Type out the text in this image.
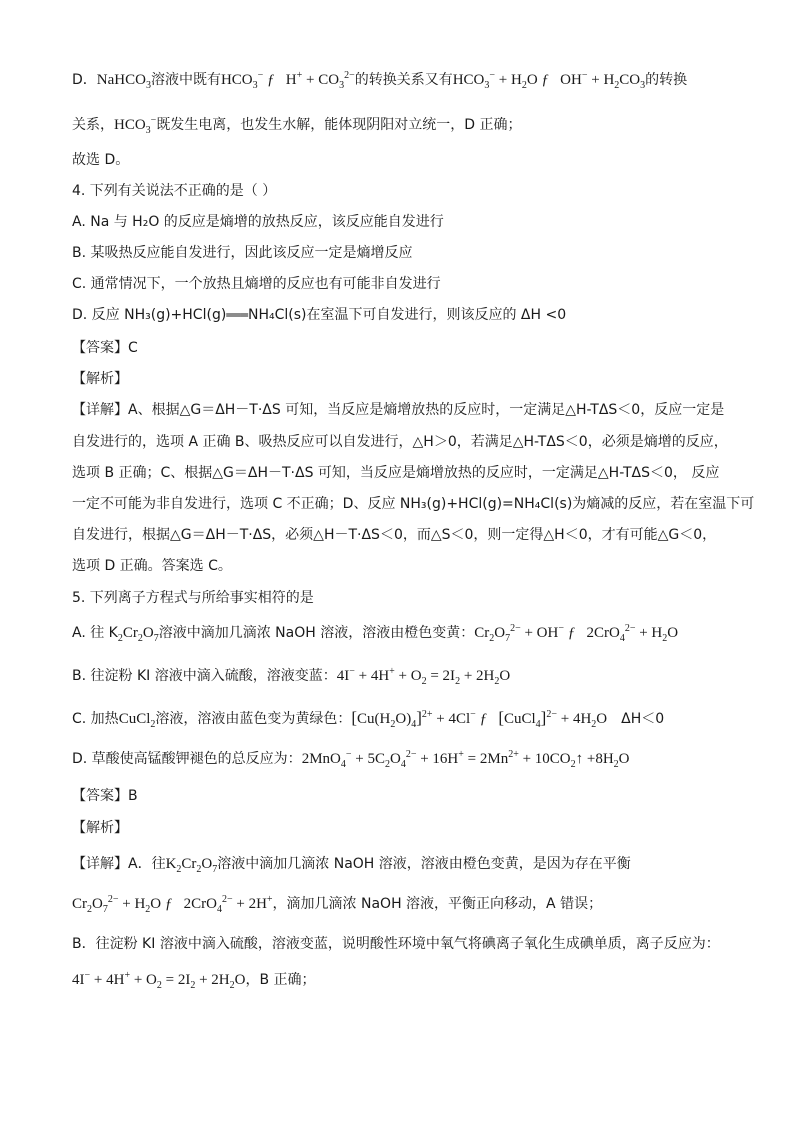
D．NaHCO$_3$溶液中既有$HCO_3^-$ ƒ $H^+ + CO_3^{2-}$的转换关系又有$HCO_3^- + H_2O$ ƒ $OH^- + H_2CO_3$的转换
关系，$HCO_3^-$既发生电离，也发生水解，能体现阴阳对立统一，D 正确；
故选 D。
4. 下列有关说法不正确的是（ ）
A. Na 与 H₂O 的反应是熵增的放热反应，该反应能自发进行
B. 某吸热反应能自发进行，因此该反应一定是熵增反应
C. 通常情况下，一个放热且熵增的反应也有可能非自发进行
D. 反应 NH₃(g)+HCl(g)═══NH₄Cl(s)在室温下可自发进行，则该反应的 ΔH <0
【答案】C
【解析】
【详解】A、根据△G＝ΔH－T·ΔS 可知，当反应是熵增放热的反应时，一定满足△H-TΔS＜0，反应一定是
自发进行的，选项 A 正确 B、吸热反应可以自发进行，△H＞0，若满足△H-TΔS＜0，必须是熵增的反应，
选项 B 正确；C、根据△G＝ΔH－T·ΔS 可知，当反应是熵增放热的反应时，一定满足△H-TΔS＜0， 反应
一定不可能为非自发进行，选项 C 不正确；D、反应 NH₃(g)+HCl(g)=NH₄Cl(s)为熵减的反应，若在室温下可
自发进行，根据△G＝ΔH－T·ΔS，必须△H－T·ΔS＜0，而△S＜0，则一定得△H＜0，才有可能△G＜0，
选项 D 正确。答案选 C。
5. 下列离子方程式与所给事实相符的是
A. 往 $K_2Cr_2O_7$溶液中滴加几滴浓 NaOH 溶液，溶液由橙色变黄：$Cr_2O_7^{2-} + OH^-$ ƒ   $2CrO_4^{2-} + H_2O$
B. 往淀粉 KI 溶液中滴入硫酸，溶液变蓝：$4I^- + 4H^+ + O_2 = 2I_2 + 2H_2O$
C. 加热CuCl$_2$溶液，溶液由蓝色变为黄绿色：$[Cu(H_2O)_4]^{2+} + 4Cl^-$ ƒ [CuCl$_4$]$^{2-}$ + $4H_2O$ ΔH＜0
D. 草酸使高锰酸钾褪色的总反应为：$2MnO_4^- + 5C_2O_4^{2-} + 16H^+ = 2Mn^{2+}$ + $10CO_2↑ +8H_2O$
【答案】B
【解析】
【详解】A．往$K_2Cr_2O_7$溶液中滴加几滴浓 NaOH 溶液，溶液由橙色变黄，是因为存在平衡
$Cr_2O_7^{2-} + H_2O$ ƒ   2CrO$_4^{2-}$ + 2H+，滴加几滴浓 NaOH 溶液，平衡正向移动，A 错误；
B．往淀粉 KI 溶液中滴入硫酸，溶液变蓝，说明酸性环境中氧气将碘离子氧化生成碘单质，离子反应为：
$4I^- + 4H^+ + O_2 = 2I_2 + 2H_2O$，B 正确；
